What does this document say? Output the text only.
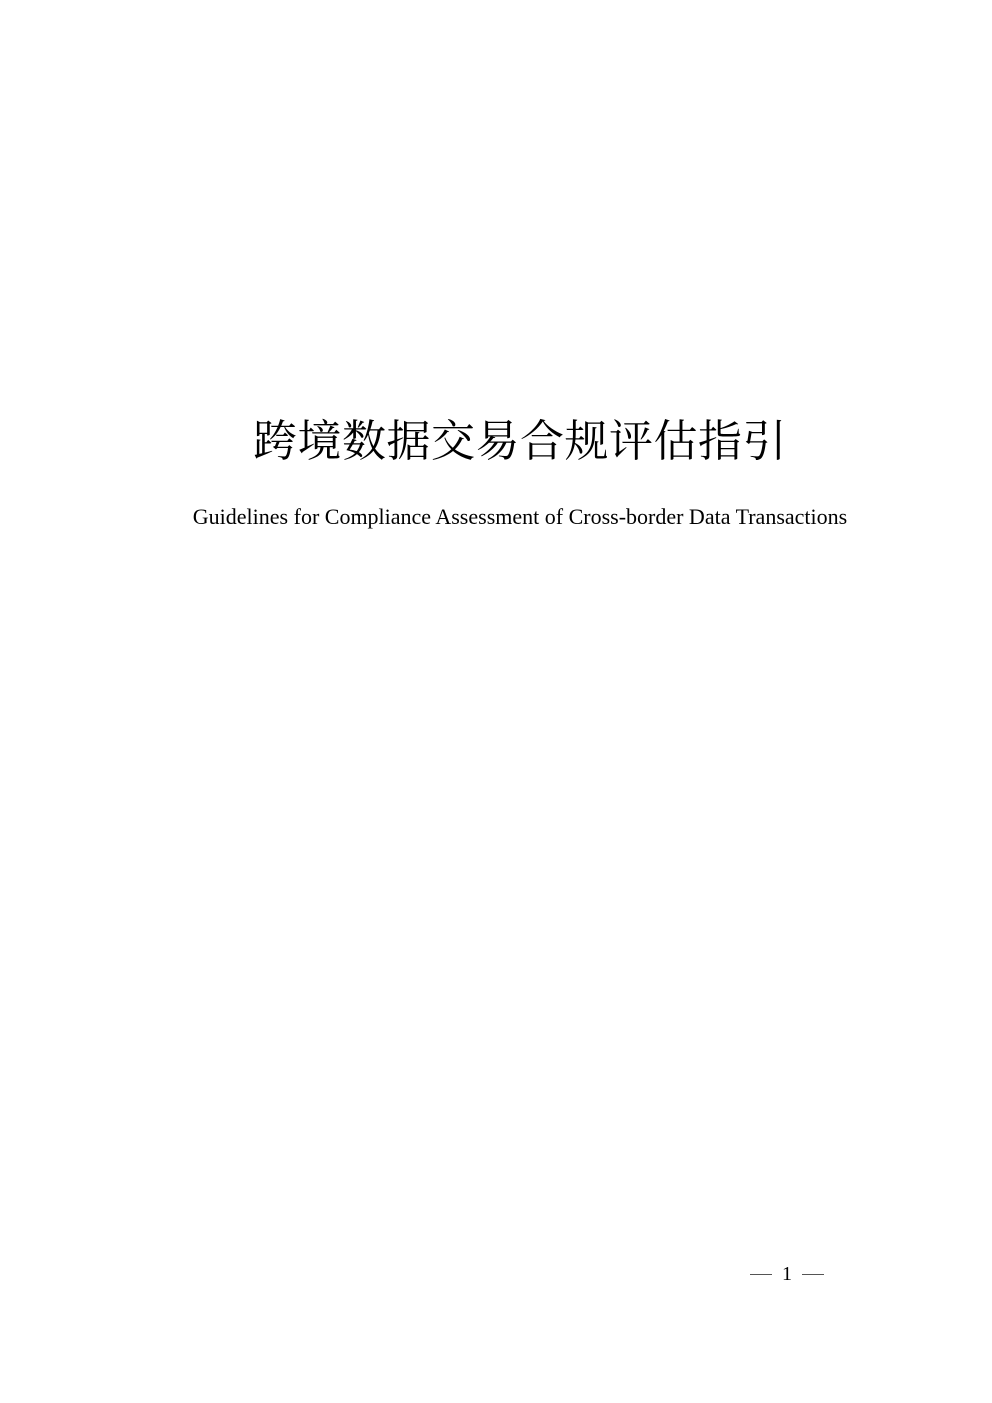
跨境数据交易合规评估指引
Guidelines for Compliance Assessment of Cross-border Data Transactions
1
